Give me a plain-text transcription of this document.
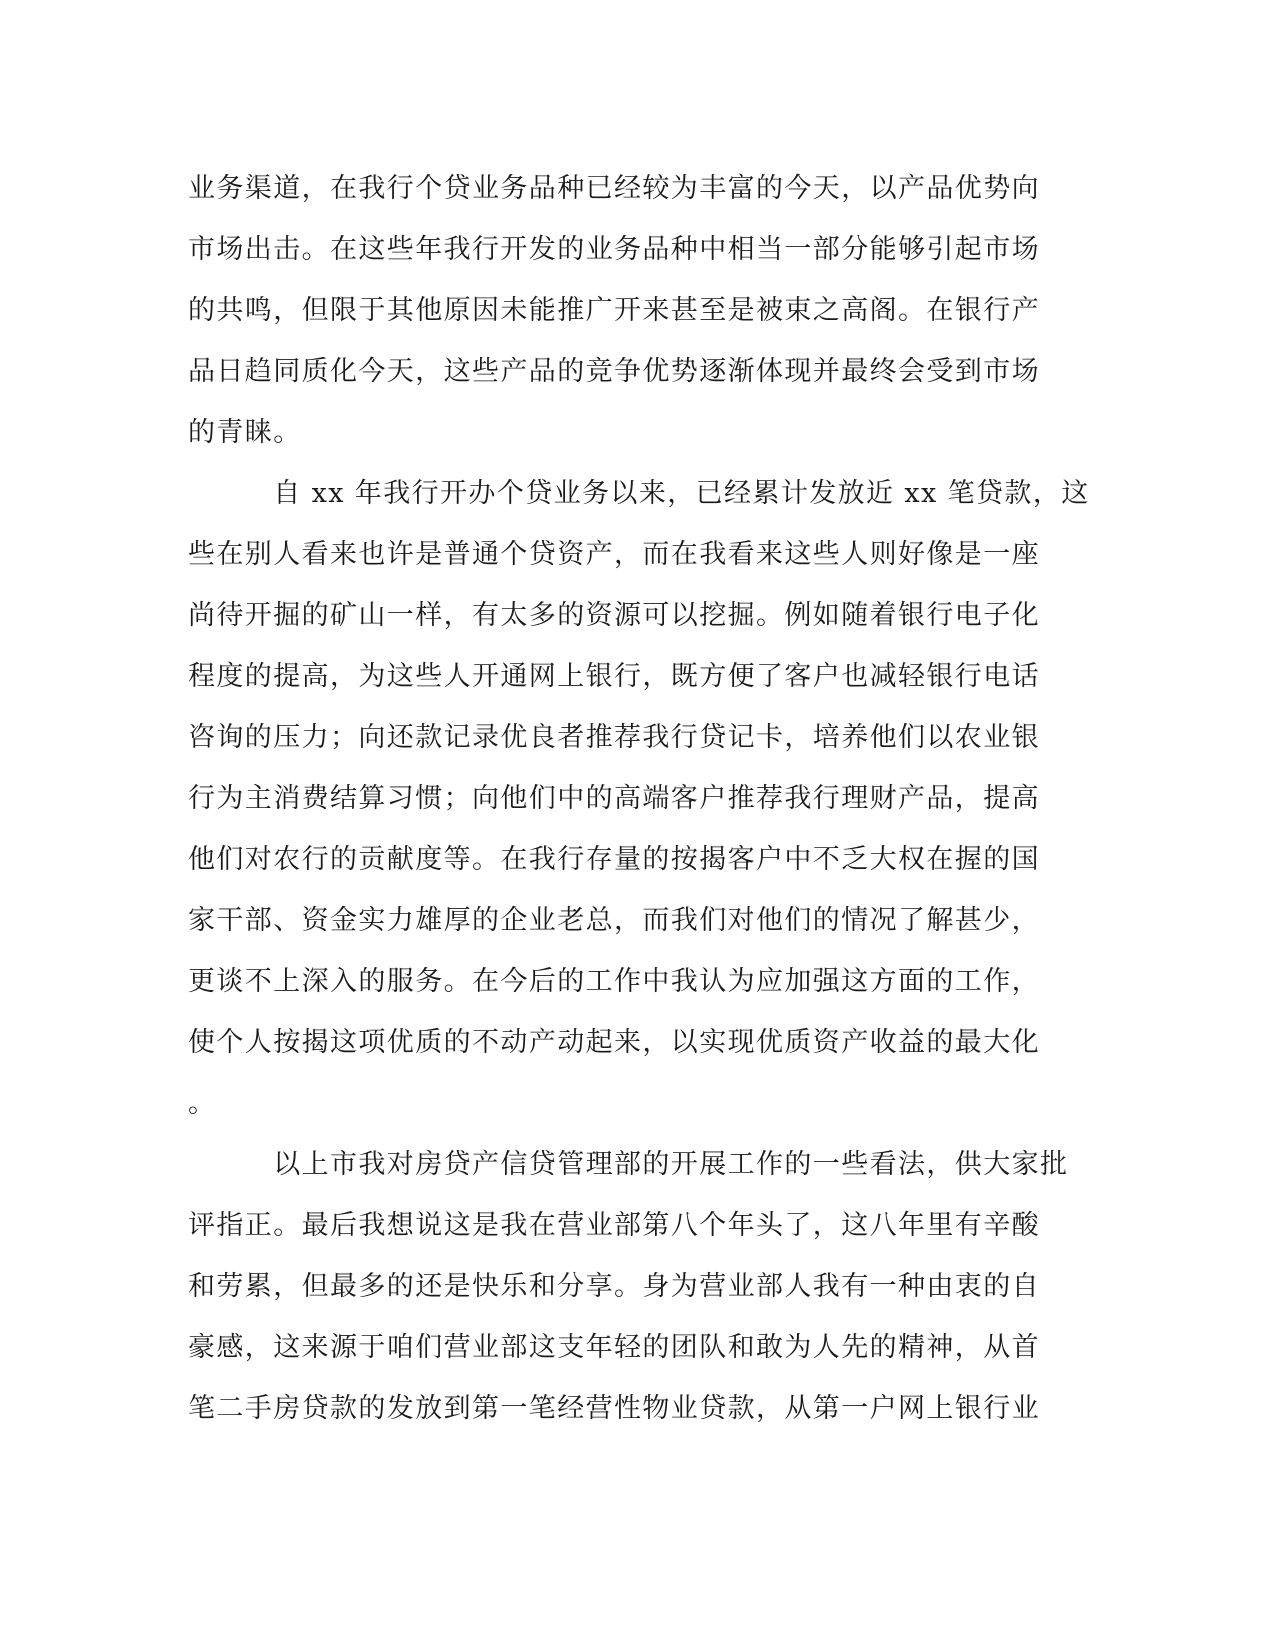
业务渠道，在我行个贷业务品种已经较为丰富的今天，以产品优势向
市场出击。在这些年我行开发的业务品种中相当一部分能够引起市场
的共鸣，但限于其他原因未能推广开来甚至是被束之高阁。在银行产
品日趋同质化今天，这些产品的竞争优势逐渐体现并最终会受到市场
的青睐。
　　　自 xx 年我行开办个贷业务以来，已经累计发放近 xx 笔贷款，这
些在别人看来也许是普通个贷资产，而在我看来这些人则好像是一座
尚待开掘的矿山一样，有太多的资源可以挖掘。例如随着银行电子化
程度的提高，为这些人开通网上银行，既方便了客户也减轻银行电话
咨询的压力；向还款记录优良者推荐我行贷记卡，培养他们以农业银
行为主消费结算习惯；向他们中的高端客户推荐我行理财产品，提高
他们对农行的贡献度等。在我行存量的按揭客户中不乏大权在握的国
家干部、资金实力雄厚的企业老总，而我们对他们的情况了解甚少，
更谈不上深入的服务。在今后的工作中我认为应加强这方面的工作，
使个人按揭这项优质的不动产动起来，以实现优质资产收益的最大化
。
　　　以上市我对房贷产信贷管理部的开展工作的一些看法，供大家批
评指正。最后我想说这是我在营业部第八个年头了，这八年里有辛酸
和劳累，但最多的还是快乐和分享。身为营业部人我有一种由衷的自
豪感，这来源于咱们营业部这支年轻的团队和敢为人先的精神，从首
笔二手房贷款的发放到第一笔经营性物业贷款，从第一户网上银行业
